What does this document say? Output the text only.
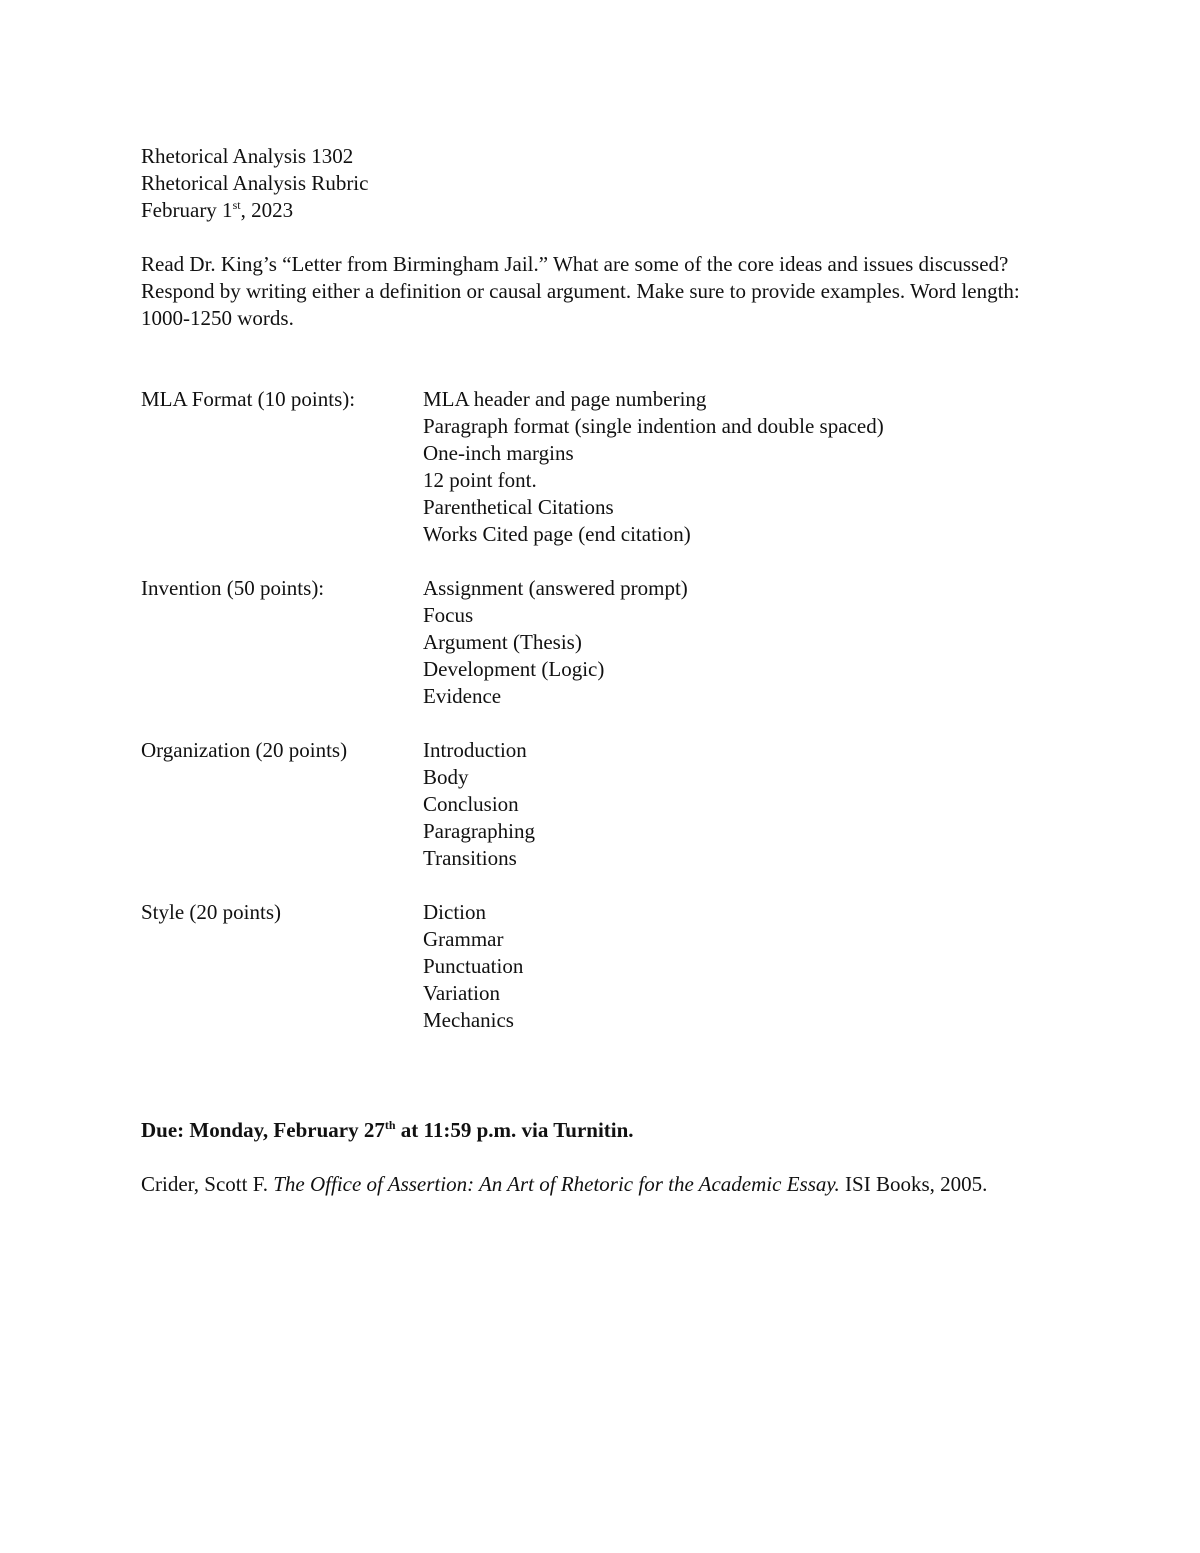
Rhetorical Analysis 1302
Rhetorical Analysis Rubric
February 1st, 2023
Read Dr. King’s “Letter from Birmingham Jail.” What are some of the core ideas and issues discussed? Respond by writing either a definition or causal argument. Make sure to provide examples. Word length: 1000-1250 words.
MLA Format (10 points):	MLA header and page numbering
Paragraph format (single indention and double spaced)
One-inch margins
12 point font.
Parenthetical Citations
Works Cited page (end citation)
Invention (50 points):	Assignment (answered prompt)
Focus
Argument (Thesis)
Development (Logic)
Evidence
Organization (20 points)	Introduction
Body
Conclusion
Paragraphing
Transitions
Style (20 points)	Diction
Grammar
Punctuation
Variation
Mechanics
Due: Monday, February 27th at 11:59 p.m. via Turnitin.
Crider, Scott F. The Office of Assertion: An Art of Rhetoric for the Academic Essay. ISI Books, 2005.
